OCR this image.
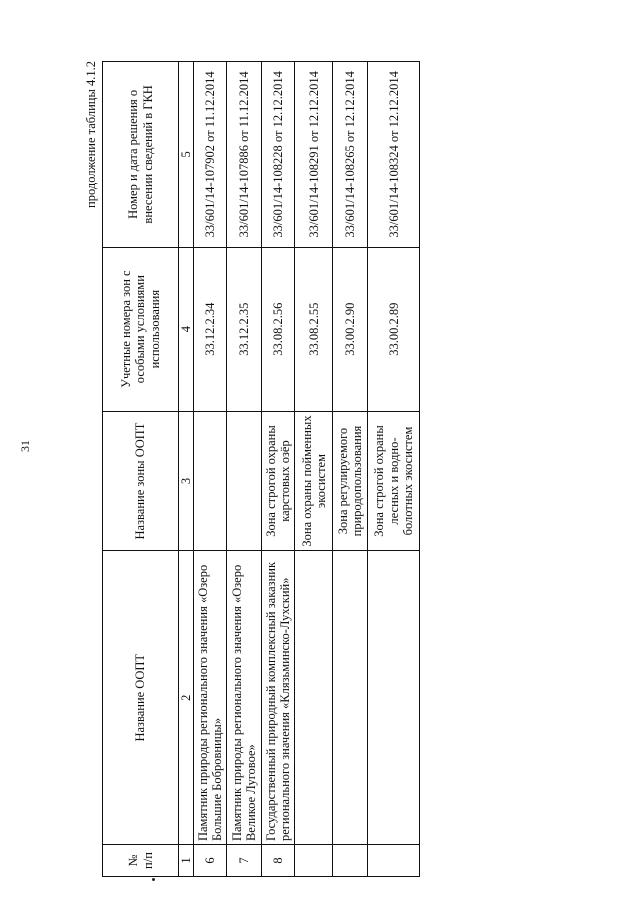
31
продолжение таблицы 4.1.2
№ п/п	Название ООПТ	Название зоны ООПТ	Учетные номера зон с особыми условиями использования	Номер и дата решения о внесении сведений в ГКН
1	2	3	4	5
6	Памятник природы регионального значения «Озеро Большие Бобровницы»		33.12.2.34	33/601/14-107902 от 11.12.2014
7	Памятник природы регионального значения «Озеро Великое Луговое»		33.12.2.35	33/601/14-107886 от 11.12.2014
8	Государственный природный комплексный заказник регионального значения «Клязьминско-Лухский»	Зона строгой охраны карстовых озёр	33.08.2.56	33/601/14-108228 от 12.12.2014
		Зона охраны пойменных экосистем	33.08.2.55	33/601/14-108291 от 12.12.2014
		Зона регулируемого природопользования	33.00.2.90	33/601/14-108265 от 12.12.2014
		Зона строгой охраны лесных и водно-болотных экосистем	33.00.2.89	33/601/14-108324 от 12.12.2014
